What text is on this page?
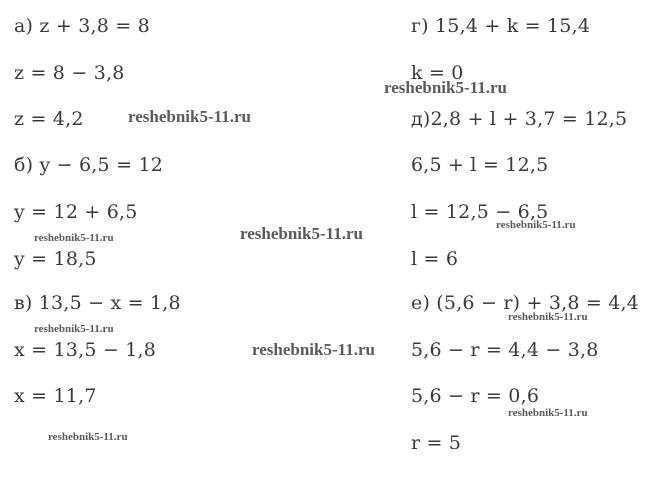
а) z + 3,8 = 8
z = 8 − 3,8
z = 4,2
б) y − 6,5 = 12
y = 12 + 6,5
y = 18,5
в) 13,5 − x = 1,8
x = 13,5 − 1,8
x = 11,7
г) 15,4 + k = 15,4
k = 0
д)2,8 + l + 3,7 = 12,5
6,5 + l = 12,5
l = 12,5 − 6,5
l = 6
е) (5,6 − r) + 3,8 = 4,4
5,6 − r = 4,4 − 3,8
5,6 − r = 0,6
r = 5
reshebnik5-11.ru
reshebnik5-11.ru
reshebnik5-11.ru
reshebnik5-11.ru
reshebnik5-11.ru
reshebnik5-11.ru
reshebnik5-11.ru
reshebnik5-11.ru
reshebnik5-11.ru
reshebnik5-11.ru
